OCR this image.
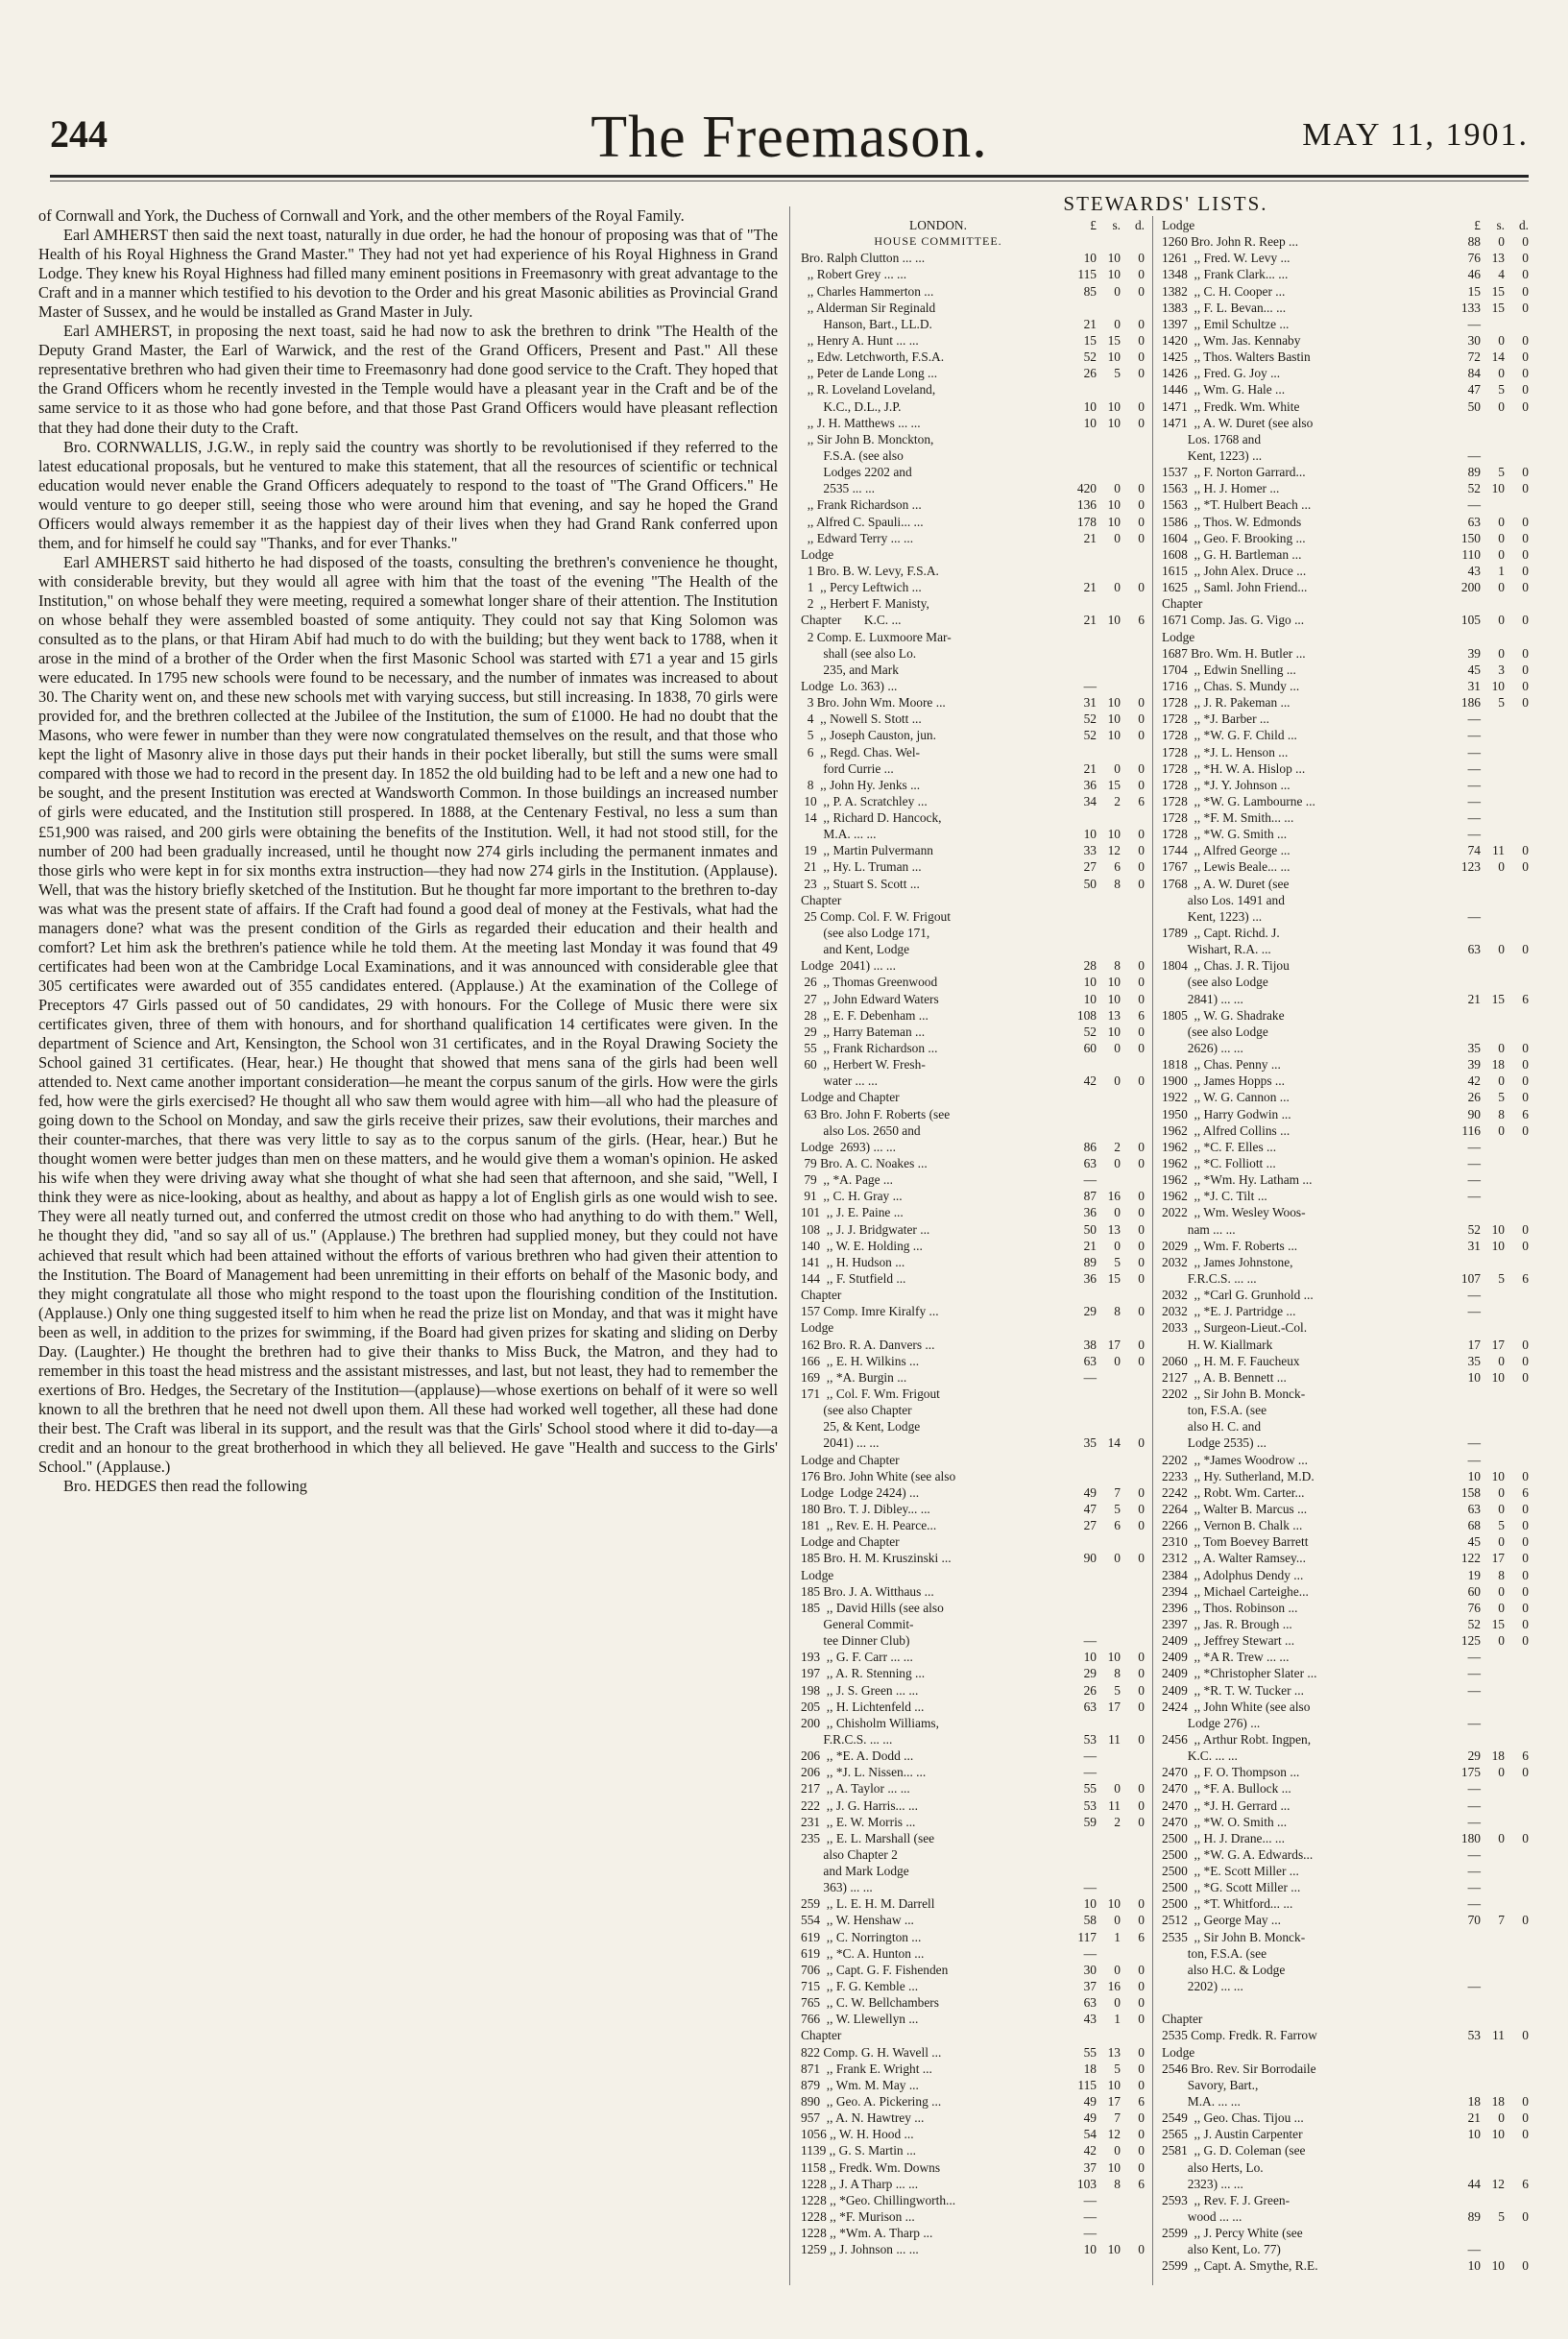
244	The Freemason.	MAY 11, 1901.

of Cornwall and York, the Duchess of Cornwall and York, and the other members of the Royal Family.

Earl AMHERST then said the next toast, naturally in due order, he had the honour of proposing was that of "The Health of his Royal Highness the Grand Master." They had not yet had experience of his Royal Highness in Grand Lodge. They knew his Royal Highness had filled many eminent positions in Freemasonry with great advantage to the Craft and in a manner which testified to his devotion to the Order and his great Masonic abilities as Provincial Grand Master of Sussex, and he would be installed as Grand Master in July.

Earl AMHERST, in proposing the next toast, said he had now to ask the brethren to drink "The Health of the Deputy Grand Master, the Earl of Warwick, and the rest of the Grand Officers, Present and Past." All these representative brethren who had given their time to Freemasonry had done good service to the Craft. They hoped that the Grand Officers whom he recently invested in the Temple would have a pleasant year in the Craft and be of the same service to it as those who had gone before, and that those Past Grand Officers would have pleasant reflection that they had done their duty to the Craft.

Bro. CORNWALLIS, J.G.W., in reply said the country was shortly to be revolutionised if they referred to the latest educational proposals, but he ventured to make this statement, that all the resources of scientific or technical education would never enable the Grand Officers adequately to respond to the toast of "The Grand Officers." He would venture to go deeper still, seeing those who were around him that evening, and say he hoped the Grand Officers would always remember it as the happiest day of their lives when they had Grand Rank conferred upon them, and for himself he could say "Thanks, and for ever Thanks."

Earl AMHERST said hitherto he had disposed of the toasts, consulting the brethren's convenience he thought, with considerable brevity, but they would all agree with him that the toast of the evening "The Health of the Institution," on whose behalf they were meeting, required a somewhat longer share of their attention. The Institution on whose behalf they were assembled boasted of some antiquity. They could not say that King Solomon was consulted as to the plans, or that Hiram Abif had much to do with the building; but they went back to 1788, when it arose in the mind of a brother of the Order when the first Masonic School was started with £71 a year and 15 girls were educated. In 1795 new schools were found to be necessary, and the number of inmates was increased to about 30. The Charity went on, and these new schools met with varying success, but still increasing. In 1838, 70 girls were provided for, and the brethren collected at the Jubilee of the Institution, the sum of £1000. He had no doubt that the Masons, who were fewer in number than they were now congratulated themselves on the result, and that those who kept the light of Masonry alive in those days put their hands in their pocket liberally, but still the sums were small compared with those we had to record in the present day. In 1852 the old building had to be left and a new one had to be sought, and the present Institution was erected at Wandsworth Common. In those buildings an increased number of girls were educated, and the Institution still prospered. In 1888, at the Centenary Festival, no less a sum than £51,900 was raised, and 200 girls were obtaining the benefits of the Institution. Well, it had not stood still, for the number of 200 had been gradually increased, until he thought now 274 girls including the permanent inmates and those girls who were kept in for six months extra instruction—they had now 274 girls in the Institution. (Applause). Well, that was the history briefly sketched of the Institution. But he thought far more important to the brethren to-day was what was the present state of affairs. If the Craft had found a good deal of money at the Festivals, what had the managers done? what was the present condition of the Girls as regarded their education and their health and comfort? Let him ask the brethren's patience while he told them. At the meeting last Monday it was found that 49 certificates had been won at the Cambridge Local Examinations, and it was announced with considerable glee that 305 certificates were awarded out of 355 candidates entered. (Applause.) At the examination of the College of Preceptors 47 Girls passed out of 50 candidates, 29 with honours. For the College of Music there were six certificates given, three of them with honours, and for shorthand qualification 14 certificates were given. In the department of Science and Art, Kensington, the School won 31 certificates, and in the Royal Drawing Society the School gained 31 certificates. (Hear, hear.) He thought that showed that mens sana of the girls had been well attended to. Next came another important consideration—he meant the corpus sanum of the girls. How were the girls fed, how were the girls exercised? He thought all who saw them would agree with him—all who had the pleasure of going down to the School on Monday, and saw the girls receive their prizes, saw their evolutions, their marches and their counter-marches, that there was very little to say as to the corpus sanum of the girls. (Hear, hear.) But he thought women were better judges than men on these matters, and he would give them a woman's opinion. He asked his wife when they were driving away what she thought of what she had seen that afternoon, and she said, "Well, I think they were as nice-looking, about as healthy, and about as happy a lot of English girls as one would wish to see. They were all neatly turned out, and conferred the utmost credit on those who had anything to do with them." Well, he thought they did, "and so say all of us." (Applause.) The brethren had supplied money, but they could not have achieved that result which had been attained without the efforts of various brethren who had given their attention to the Institution. The Board of Management had been unremitting in their efforts on behalf of the Masonic body, and they might congratulate all those who might respond to the toast upon the flourishing condition of the Institution. (Applause.) Only one thing suggested itself to him when he read the prize list on Monday, and that was it might have been as well, in addition to the prizes for swimming, if the Board had given prizes for skating and sliding on Derby Day. (Laughter.) He thought the brethren had to give their thanks to Miss Buck, the Matron, and they had to remember in this toast the head mistress and the assistant mistresses, and last, but not least, they had to remember the exertions of Bro. Hedges, the Secretary of the Institution—(applause)—whose exertions on behalf of it were so well known to all the brethren that he need not dwell upon them. All these had worked well together, all these had done their best. The Craft was liberal in its support, and the result was that the Girls' School stood where it did to-day—a credit and an honour to the great brotherhood in which they all believed. He gave "Health and success to the Girls' School." (Applause.)

Bro. HEDGES then read the following

STEWARDS' LISTS.
LONDON.	£	s.	d.
HOUSE COMMITTEE.
Bro. Ralph Clutton ... ...	10 10	0
,, Robert Grey ... ...	115 10	0
,, Charles Hammerton ...	85	0	0
,, Alderman Sir Reginald
Hanson, Bart., LL.D.	21	0	0
,, Henry A. Hunt ... ...	15 15	0
,, Edw. Letchworth, F.S.A.	52 10	0
,, Peter de Lande Long ...	26	5	0
,, R. Loveland Loveland,
K.C., D.L., J.P.	10 10	0
,, J. H. Matthews ... ...	10 10	0
,, Sir John B. Monckton,
F.S.A. (see also
Lodges 2202 and
2535 ... ...	420	0	0
,, Frank Richardson ...	136 10	0
,, Alfred C. Spauli... ...	178 10	0
,, Edward Terry ... ...	21	0	0
Lodge
1 Bro. B. W. Levy, F.S.A.
1  ,, Percy Leftwich ...	21	0	0
2  ,, Herbert F. Manisty,
Chapter       K.C. ...	21 10	6
2 Comp. E. Luxmoore Mar-
shall (see also Lo.
235, and Mark
Lodge  Lo. 363) ...	—
3 Bro. John Wm. Moore ...	31 10	0
4  ,, Nowell S. Stott ...	52 10	0
5  ,, Joseph Causton, jun.	52 10	0
6  ,, Regd. Chas. Wel-
ford Currie ...	21	0	0
8  ,, John Hy. Jenks ...	36 15	0
10  ,, P. A. Scratchley ...	34	2	6
14  ,, Richard D. Hancock,
M.A. ... ...	10 10	0
19  ,, Martin Pulvermann	33 12	0
21  ,, Hy. L. Truman ...	27	6	0
23  ,, Stuart S. Scott ...	50	8	0
Chapter
25 Comp. Col. F. W. Frigout
(see also Lodge 171,
and Kent, Lodge
Lodge  2041) ... ...	28	8	0
26  ,, Thomas Greenwood	10 10	0
27  ,, John Edward Waters	10 10	0
28  ,, E. F. Debenham ...	108 13	6
29  ,, Harry Bateman ...	52 10	0
55  ,, Frank Richardson ...	60	0	0
60  ,, Herbert W. Fresh-
water ... ...	42	0	0
Lodge and Chapter
63 Bro. John F. Roberts (see
also Los. 2650 and
Lodge  2693) ... ...	86	2	0
79 Bro. A. C. Noakes ...	63	0	0
79  ,, *A. Page ...	—
91  ,, C. H. Gray ...	87 16	0
101  ,, J. E. Paine ...	36	0	0
108  ,, J. J. Bridgwater ...	50 13	0
140  ,, W. E. Holding ...	21	0	0
141  ,, H. Hudson ...	89	5	0
144  ,, F. Stutfield ...	36 15	0
Chapter
157 Comp. Imre Kiralfy ...	29	8	0
Lodge
162 Bro. R. A. Danvers ...	38 17	0
166  ,, E. H. Wilkins ...	63	0	0
169  ,, *A. Burgin ...	—
171  ,, Col. F. Wm. Frigout
(see also Chapter
25, & Kent, Lodge
2041) ... ...	35 14	0
Lodge and Chapter
176 Bro. John White (see also
Lodge  Lodge 2424) ...	49	7	0
180 Bro. T. J. Dibley... ...	47	5	0
181  ,, Rev. E. H. Pearce...	27	6	0
Lodge and Chapter
185 Bro. H. M. Kruszinski ...	90	0	0
Lodge
185 Bro. J. A. Witthaus ...
185  ,, David Hills (see also
General Commit-
tee Dinner Club)	—
193  ,, G. F. Carr ... ...	10 10	0
197  ,, A. R. Stenning ...	29	8	0
198  ,, J. S. Green ... ...	26	5	0
205  ,, H. Lichtenfeld ...	63 17	0
200  ,, Chisholm Williams,
F.R.C.S. ... ...	53 11	0
206  ,, *E. A. Dodd ...	—
206  ,, *J. L. Nissen... ...	—
217  ,, A. Taylor ... ...	55	0	0
222  ,, J. G. Harris... ...	53 11	0
231  ,, E. W. Morris ...	59	2	0
235  ,, E. L. Marshall (see
also Chapter 2
and Mark Lodge
363) ... ...	—
259  ,, L. E. H. M. Darrell	10 10	0
554  ,, W. Henshaw ...	58	0	0
619  ,, C. Norrington ...	117	1	6
619  ,, *C. A. Hunton ...	—
706  ,, Capt. G. F. Fishenden	30	0	0
715  ,, F. G. Kemble ...	37 16	0
765  ,, C. W. Bellchambers	63	0	0
766  ,, W. Llewellyn ...	43	1	0
Chapter
822 Comp. G. H. Wavell ...	55 13	0
871  ,, Frank E. Wright ...	18	5	0
879  ,, Wm. M. May ...	115 10	0
890  ,, Geo. A. Pickering ...	49 17	6
957  ,, A. N. Hawtrey ...	49	7	0
1056 ,, W. H. Hood ...	54 12	0
1139 ,, G. S. Martin ...	42	0	0
1158 ,, Fredk. Wm. Downs	37 10	0
1228 ,, J. A Tharp ... ...	103	8	6
1228 ,, *Geo. Chillingworth...	—
1228 ,, *F. Murison ...	—
1228 ,, *Wm. A. Tharp ...	—
1259 ,, J. Johnson ... ...	10 10	0
Lodge	£	s.	d.
1260 Bro. John R. Reep ...	88	0	0
1261  ,, Fred. W. Levy ...	76 13	0
1348  ,, Frank Clark... ...	46	4	0
1382  ,, C. H. Cooper ...	15 15	0
1383  ,, F. L. Bevan... ...	133 15	0
1397  ,, Emil Schultze ...	—
1420  ,, Wm. Jas. Kennaby	30	0	0
1425  ,, Thos. Walters Bastin	72 14	0
1426  ,, Fred. G. Joy ...	84	0	0
1446  ,, Wm. G. Hale ...	47	5	0
1471  ,, Fredk. Wm. White	50	0	0
1471  ,, A. W. Duret (see also
Los. 1768 and
Kent, 1223) ...	—
1537  ,, F. Norton Garrard...	89	5	0
1563  ,, H. J. Homer ...	52 10	0
1563  ,, *T. Hulbert Beach ...	—
1586  ,, Thos. W. Edmonds	63	0	0
1604  ,, Geo. F. Brooking ...	150	0	0
1608  ,, G. H. Bartleman ...	110	0	0
1615  ,, John Alex. Druce ...	43	1	0
1625  ,, Saml. John Friend...	200	0	0
Chapter
1671 Comp. Jas. G. Vigo ...	105	0	0
Lodge
1687 Bro. Wm. H. Butler ...	39	0	0
1704  ,, Edwin Snelling ...	45	3	0
1716  ,, Chas. S. Mundy ...	31 10	0
1728  ,, J. R. Pakeman ...	186	5	0
1728  ,, *J. Barber ...	—
1728  ,, *W. G. F. Child ...	—
1728  ,, *J. L. Henson ...	—
1728  ,, *H. W. A. Hislop ...	—
1728  ,, *J. Y. Johnson ...	—
1728  ,, *W. G. Lambourne ...	—
1728  ,, *F. M. Smith... ...	—
1728  ,, *W. G. Smith ...	—
1744  ,, Alfred George ...	74 11	0
1767  ,, Lewis Beale... ...	123	0	0
1768  ,, A. W. Duret (see
also Los. 1491 and
Kent, 1223) ...	—
1789  ,, Capt. Richd. J.
Wishart, R.A. ...	63	0	0
1804  ,, Chas. J. R. Tijou
(see also Lodge
2841) ... ...	21 15	6
1805  ,, W. G. Shadrake
(see also Lodge
2626) ... ...	35	0	0
1818  ,, Chas. Penny ...	39 18	0
1900  ,, James Hopps ...	42	0	0
1922  ,, W. G. Cannon ...	26	5	0
1950  ,, Harry Godwin ...	90	8	6
1962  ,, Alfred Collins ...	116	0	0
1962  ,, *C. F. Elles ...	—
1962  ,, *C. Folliott ...	—
1962  ,, *Wm. Hy. Latham ...	—
1962  ,, *J. C. Tilt ...	—
2022  ,, Wm. Wesley Woos-
nam ... ...	52 10	0
2029  ,, Wm. F. Roberts ...	31 10	0
2032  ,, James Johnstone,
F.R.C.S. ... ...	107	5	6
2032  ,, *Carl G. Grunhold ...	—
2032  ,, *E. J. Partridge ...	—
2033  ,, Surgeon-Lieut.-Col.
H. W. Kiallmark	17 17	0
2060  ,, H. M. F. Faucheux	35	0	0
2127  ,, A. B. Bennett ...	10 10	0
2202  ,, Sir John B. Monck-
ton, F.S.A. (see
also H. C. and
Lodge 2535) ...	—
2202  ,, *James Woodrow ...	—
2233  ,, Hy. Sutherland, M.D.	10 10	0
2242  ,, Robt. Wm. Carter...	158	0	6
2264  ,, Walter B. Marcus ...	63	0	0
2266  ,, Vernon B. Chalk ...	68	5	0
2310  ,, Tom Boevey Barrett	45	0	0
2312  ,, A. Walter Ramsey...	122 17	0
2384  ,, Adolphus Dendy ...	19	8	0
2394  ,, Michael Carteighe...	60	0	0
2396  ,, Thos. Robinson ...	76	0	0
2397  ,, Jas. R. Brough ...	52 15	0
2409  ,, Jeffrey Stewart ...	125	0	0
2409  ,, *A R. Trew ... ...	—
2409  ,, *Christopher Slater ...	—
2409  ,, *R. T. W. Tucker ...	—
2424  ,, John White (see also
Lodge 276) ...	—
2456  ,, Arthur Robt. Ingpen,
K.C. ... ...	29 18	6
2470  ,, F. O. Thompson ...	175	0	0
2470  ,, *F. A. Bullock ...	—
2470  ,, *J. H. Gerrard ...	—
2470  ,, *W. O. Smith ...	—
2500  ,, H. J. Drane... ...	180	0	0
2500  ,, *W. G. A. Edwards...	—
2500  ,, *E. Scott Miller ...	—
2500  ,, *G. Scott Miller ...	—
2500  ,, *T. Whitford... ...	—
2512  ,, George May ...	70	7	0
2535  ,, Sir John B. Monck-
ton, F.S.A. (see
also H.C. & Lodge
2202) ... ...	—
Chapter
2535 Comp. Fredk. R. Farrow	53 11	0
Lodge
2546 Bro. Rev. Sir Borrodaile
Savory, Bart.,
M.A. ... ...	18 18	0
2549  ,, Geo. Chas. Tijou ...	21	0	0
2565  ,, J. Austin Carpenter	10 10	0
2581  ,, G. D. Coleman (see
also Herts, Lo.
2323) ... ...	44 12	6
2593  ,, Rev. F. J. Green-
wood ... ...	89	5	0
2599  ,, J. Percy White (see
also Kent, Lo. 77)	—
2599  ,, Capt. A. Smythe, R.E.	10 10	0
